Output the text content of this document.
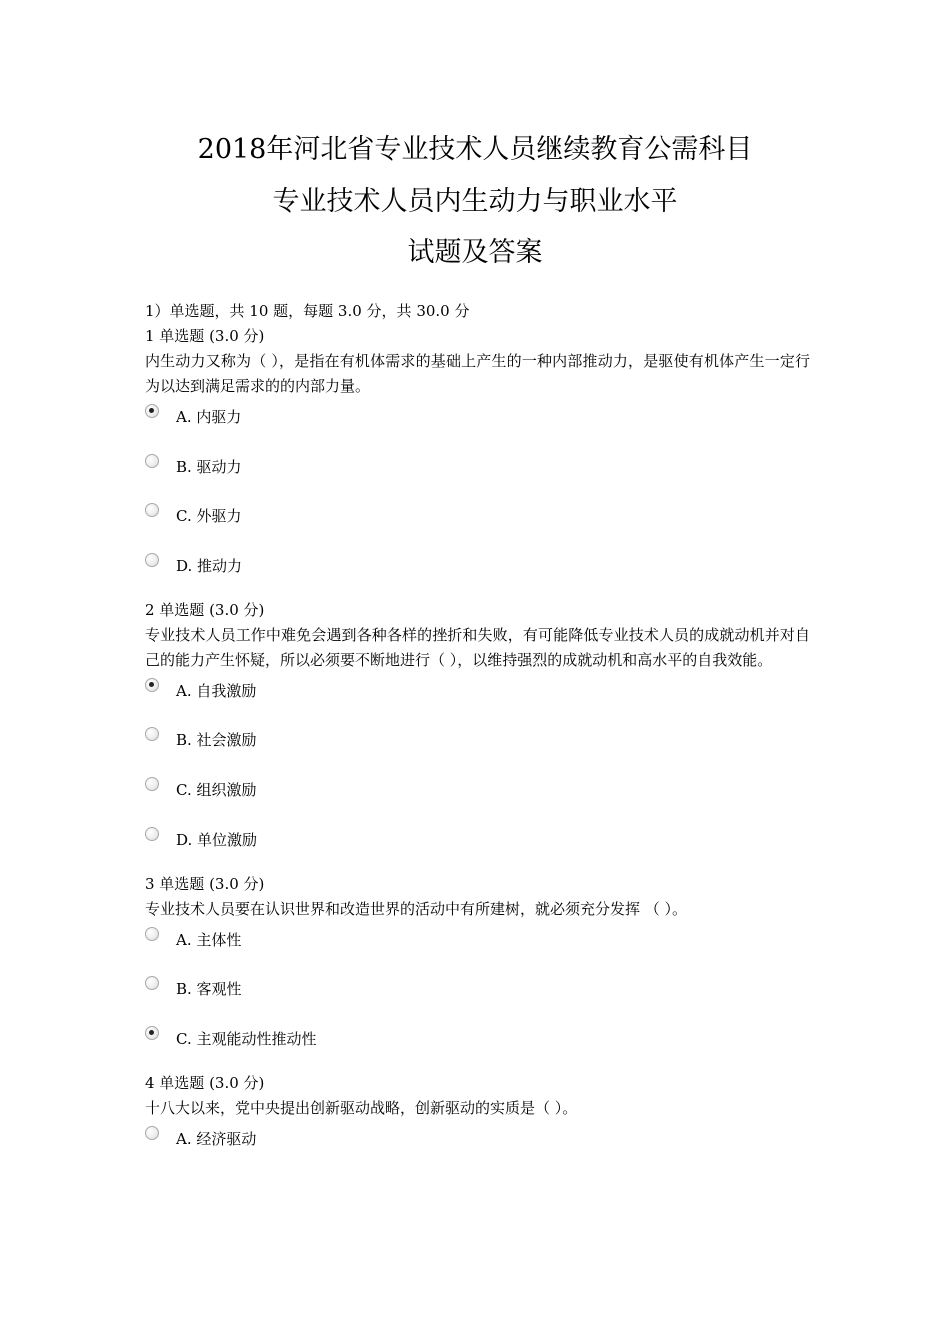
2018年河北省专业技术人员继续教育公需科目
专业技术人员内生动力与职业水平
试题及答案
1）单选题，共 10 题，每题 3.0 分，共 30.0 分
1 单选题 (3.0 分)
内生动力又称为（ ），是指在有机体需求的基础上产生的一种内部推动力，是驱使有机体产生一定行为以达到满足需求的的内部力量。
A. 内驱力
B. 驱动力
C. 外驱力
D. 推动力
2 单选题 (3.0 分)
专业技术人员工作中难免会遇到各种各样的挫折和失败，有可能降低专业技术人员的成就动机并对自己的能力产生怀疑，所以必须要不断地进行（ ），以维持强烈的成就动机和高水平的自我效能。
A. 自我激励
B. 社会激励
C. 组织激励
D. 单位激励
3 单选题 (3.0 分)
专业技术人员要在认识世界和改造世界的活动中有所建树，就必须充分发挥 （ ）。
A. 主体性
B. 客观性
C. 主观能动性推动性
4 单选题 (3.0 分)
十八大以来，党中央提出创新驱动战略，创新驱动的实质是（ ）。
A. 经济驱动
